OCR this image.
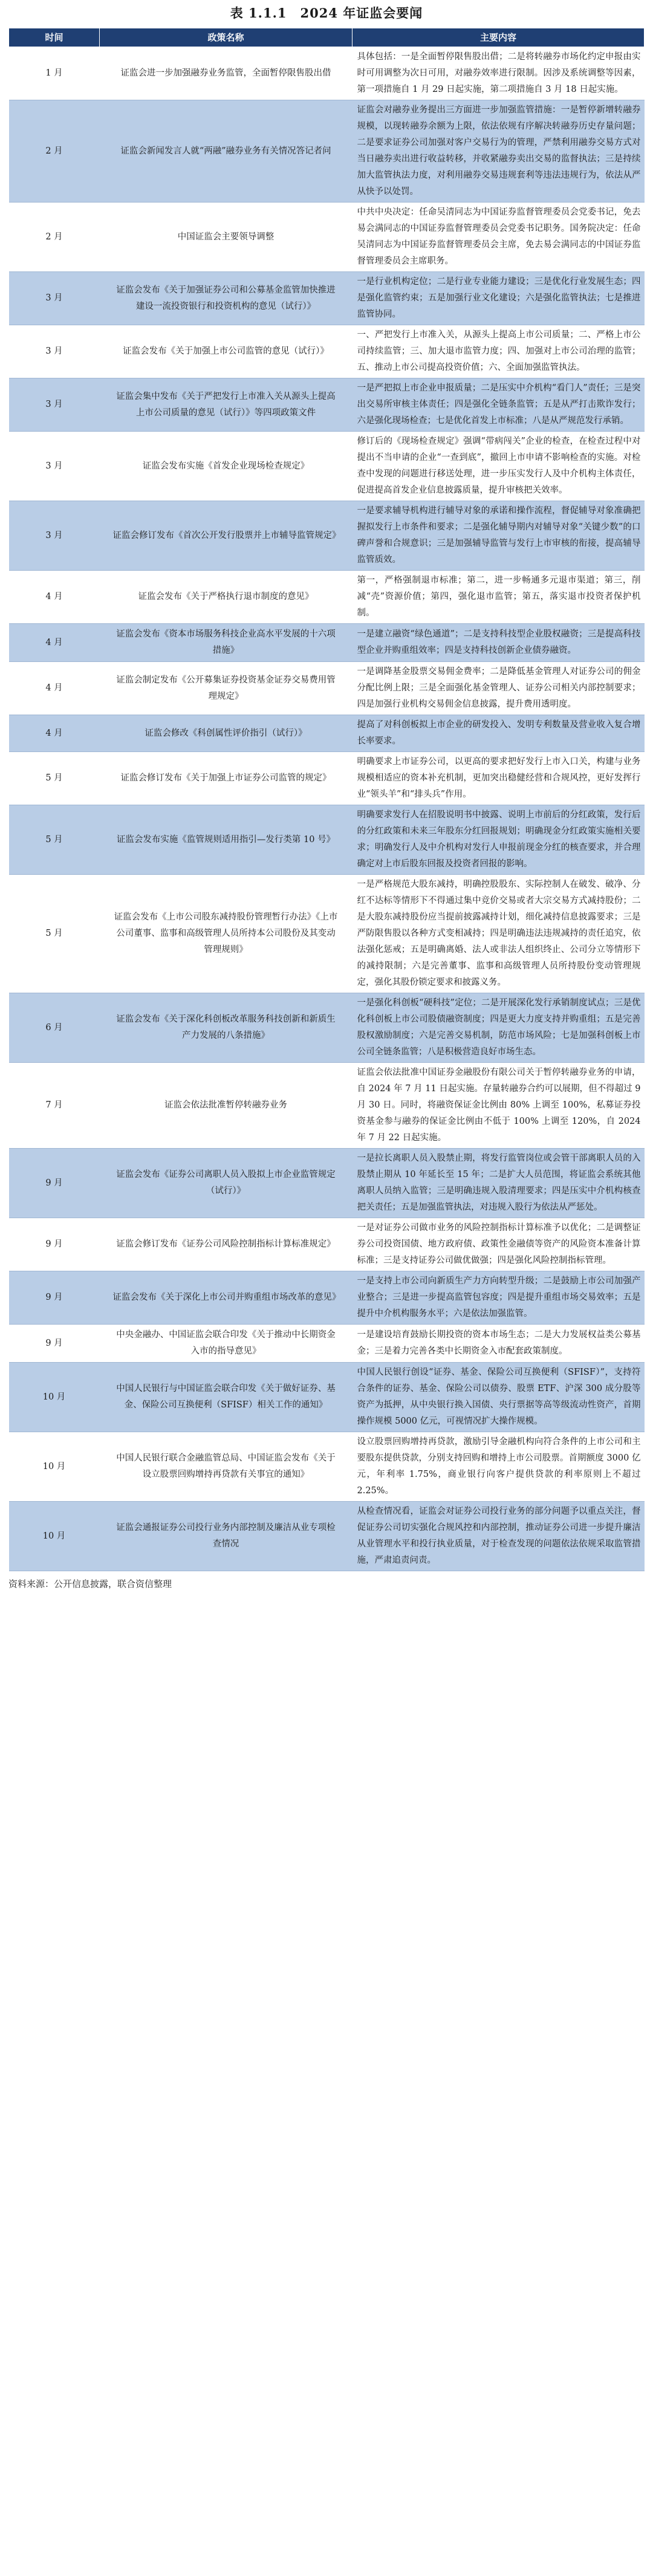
表 1.1.1　2024 年证监会要闻
时间	政策名称	主要内容
1 月	证监会进一步加强融券业务监管，全面暂停限售股出借	具体包括：一是全面暂停限售股出借；二是将转融券市场化约定申报由实时可用调整为次日可用，对融券效率进行限制。因涉及系统调整等因素，第一项措施自 1 月 29 日起实施，第二项措施自 3 月 18 日起实施。
2 月	证监会新闻发言人就“两融”融券业务有关情况答记者问	证监会对融券业务提出三方面进一步加强监管措施：一是暂停新增转融券规模，以现转融券余额为上限，依法依规有序解决转融券历史存量问题；二是要求证券公司加强对客户交易行为的管理，严禁利用融券交易方式对当日融券卖出进行收益转移，并收紧融券卖出交易的监督执法；三是持续加大监管执法力度，对利用融券交易违规套利等违法违规行为，依法从严从快予以处罚。
2 月	中国证监会主要领导调整	中共中央决定：任命吴清同志为中国证券监督管理委员会党委书记，免去易会满同志的中国证券监督管理委员会党委书记职务。国务院决定：任命吴清同志为中国证券监督管理委员会主席，免去易会满同志的中国证券监督管理委员会主席职务。
3 月	证监会发布《关于加强证券公司和公募基金监管加快推进建设一流投资银行和投资机构的意见（试行）》	一是行业机构定位；二是行业专业能力建设；三是优化行业发展生态；四是强化监管约束；五是加强行业文化建设；六是强化监管执法；七是推进监管协同。
3 月	证监会发布《关于加强上市公司监管的意见（试行）》	一、严把发行上市准入关，从源头上提高上市公司质量；二、严格上市公司持续监管；三、加大退市监管力度；四、加强对上市公司治理的监管；五、推动上市公司提高投资价值；六、全面加强监管执法。
3 月	证监会集中发布《关于严把发行上市准入关从源头上提高上市公司质量的意见（试行）》等四项政策文件	一是严把拟上市企业申报质量；二是压实中介机构“看门人”责任；三是突出交易所审核主体责任；四是强化全链条监管；五是从严打击欺诈发行；六是强化现场检查；七是优化首发上市标准；八是从严规范发行承销。
3 月	证监会发布实施《首发企业现场检查规定》	修订后的《现场检查规定》强调“带病闯关”企业的检查，在检查过程中对提出不当申请的企业“一查到底”，撤回上市申请不影响检查的实施。对检查中发现的问题进行移送处理，进一步压实发行人及中介机构主体责任，促进提高首发企业信息披露质量，提升审核把关效率。
3 月	证监会修订发布《首次公开发行股票并上市辅导监管规定》	一是要求辅导机构进行辅导对象的承诺和操作流程，督促辅导对象准确把握拟发行上市条件和要求；二是强化辅导期内对辅导对象“关键少数”的口碑声誉和合规意识；三是加强辅导监管与发行上市审核的衔接，提高辅导监管质效。
4 月	证监会发布《关于严格执行退市制度的意见》	第一，严格强制退市标准；第二，进一步畅通多元退市渠道；第三，削减“壳”资源价值；第四，强化退市监管；第五，落实退市投资者保护机制。
4 月	证监会发布《资本市场服务科技企业高水平发展的十六项措施》	一是建立融资“绿色通道”；二是支持科技型企业股权融资；三是提高科技型企业并购重组效率；四是支持科技创新企业债券融资。
4 月	证监会制定发布《公开募集证券投资基金证券交易费用管理规定》	一是调降基金股票交易佣金费率；二是降低基金管理人对证券公司的佣金分配比例上限；三是全面强化基金管理人、证券公司相关内部控制要求；四是加强行业机构交易佣金信息披露，提升费用透明度。
4 月	证监会修改《科创属性评价指引（试行）》	提高了对科创板拟上市企业的研发投入、发明专利数量及营业收入复合增长率要求。
5 月	证监会修订发布《关于加强上市证券公司监管的规定》	明确要求上市证券公司，以更高的要求把好发行上市入口关，构建与业务规模相适应的资本补充机制，更加突出稳健经营和合规风控，更好发挥行业“领头羊”和“排头兵”作用。
5 月	证监会发布实施《监管规则适用指引—发行类第 10 号》	明确要求发行人在招股说明书中披露、说明上市前后的分红政策，发行后的分红政策和未来三年股东分红回报规划；明确现金分红政策实施相关要求；明确发行人及中介机构对发行人申报前现金分红的核查要求，并合理确定对上市后股东回报及投资者回报的影响。
5 月	证监会发布《上市公司股东减持股份管理暂行办法》《上市公司董事、监事和高级管理人员所持本公司股份及其变动管理规则》	一是严格规范大股东减持，明确控股股东、实际控制人在破发、破净、分红不达标等情形下不得通过集中竞价交易或者大宗交易方式减持股份；二是大股东减持股份应当提前披露减持计划，细化减持信息披露要求；三是严防限售股以各种方式变相减持；四是明确违法违规减持的责任追究，依法强化惩戒；五是明确离婚、法人或非法人组织终止、公司分立等情形下的减持限制；六是完善董事、监事和高级管理人员所持股份变动管理规定，强化其股份锁定要求和披露义务。
6 月	证监会发布《关于深化科创板改革服务科技创新和新质生产力发展的八条措施》	一是强化科创板“硬科技”定位；二是开展深化发行承销制度试点；三是优化科创板上市公司股债融资制度；四是更大力度支持并购重组；五是完善股权激励制度；六是完善交易机制，防范市场风险；七是加强科创板上市公司全链条监管；八是积极营造良好市场生态。
7 月	证监会依法批准暂停转融券业务	证监会依法批准中国证券金融股份有限公司关于暂停转融券业务的申请，自 2024 年 7 月 11 日起实施。存量转融券合约可以展期，但不得超过 9 月 30 日。同时，将融资保证金比例由 80% 上调至 100%，私募证券投资基金参与融券的保证金比例由不低于 100% 上调至 120%，自 2024 年 7 月 22 日起实施。
9 月	证监会发布《证券公司离职人员入股拟上市企业监管规定（试行）》	一是拉长离职人员入股禁止期，将发行监管岗位或会管干部离职人员的入股禁止期从 10 年延长至 15 年；二是扩大人员范围，将证监会系统其他离职人员纳入监管；三是明确违规入股清理要求；四是压实中介机构核查把关责任；五是加强监管执法，对违规入股行为依法从严惩处。
9 月	证监会修订发布《证券公司风险控制指标计算标准规定》	一是对证券公司做市业务的风险控制指标计算标准予以优化；二是调整证券公司投资国债、地方政府债、政策性金融债等资产的风险资本准备计算标准；三是支持证券公司做优做强；四是强化风险控制指标管理。
9 月	证监会发布《关于深化上市公司并购重组市场改革的意见》	一是支持上市公司向新质生产力方向转型升级；二是鼓励上市公司加强产业整合；三是进一步提高监管包容度；四是提升重组市场交易效率；五是提升中介机构服务水平；六是依法加强监管。
9 月	中央金融办、中国证监会联合印发《关于推动中长期资金入市的指导意见》	一是建设培育鼓励长期投资的资本市场生态；二是大力发展权益类公募基金；三是着力完善各类中长期资金入市配套政策制度。
10 月	中国人民银行与中国证监会联合印发《关于做好证券、基金、保险公司互换便利（SFISF）相关工作的通知》	中国人民银行创设“证券、基金、保险公司互换便利（SFISF）”，支持符合条件的证券、基金、保险公司以债券、股票 ETF、沪深 300 成分股等资产为抵押，从中央银行换入国债、央行票据等高等级流动性资产，首期操作规模 5000 亿元，可视情况扩大操作规模。
10 月	中国人民银行联合金融监管总局、中国证监会发布《关于设立股票回购增持再贷款有关事宜的通知》	设立股票回购增持再贷款，激励引导金融机构向符合条件的上市公司和主要股东提供贷款，分别支持回购和增持上市公司股票。首期额度 3000 亿元，年利率 1.75%，商业银行向客户提供贷款的利率原则上不超过 2.25%。
10 月	证监会通报证券公司投行业务内部控制及廉洁从业专项检查情况	从检查情况看，证监会对证券公司投行业务的部分问题予以重点关注，督促证券公司切实强化合规风控和内部控制，推动证券公司进一步提升廉洁从业管理水平和投行执业质量，对于检查发现的问题依法依规采取监管措施，严肃追责问责。
资料来源：公开信息披露，联合资信整理
